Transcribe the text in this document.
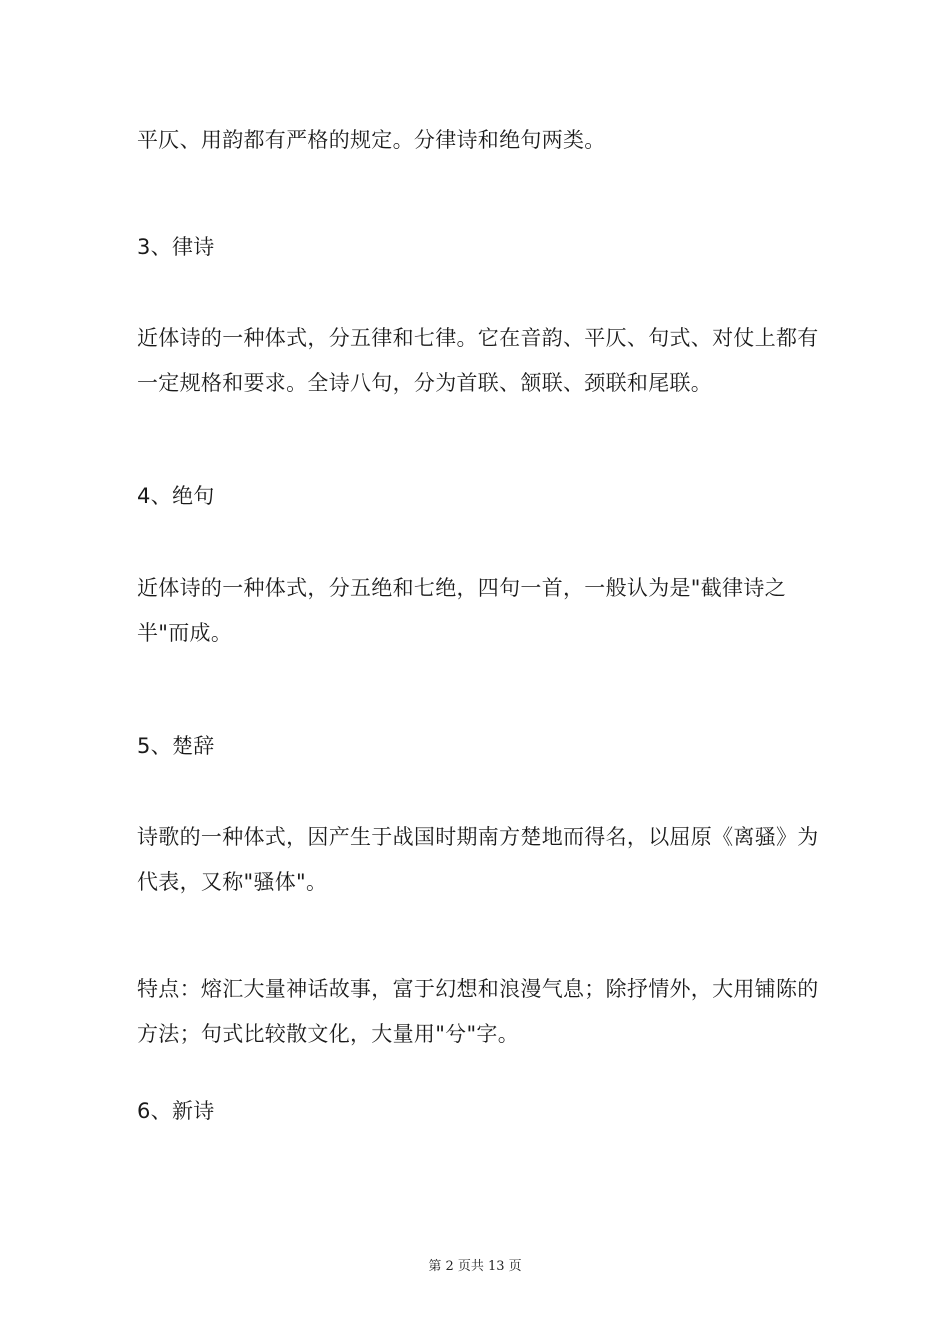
平仄、用韵都有严格的规定。分律诗和绝句两类。

3、律诗

近体诗的一种体式，分五律和七律。它在音韵、平仄、句式、对仗上都有一定规格和要求。全诗八句，分为首联、颔联、颈联和尾联。

4、绝句

近体诗的一种体式，分五绝和七绝，四句一首，一般认为是"截律诗之半"而成。

5、楚辞

诗歌的一种体式，因产生于战国时期南方楚地而得名，以屈原《离骚》为代表，又称"骚体"。

特点：熔汇大量神话故事，富于幻想和浪漫气息；除抒情外，大用铺陈的方法；句式比较散文化，大量用"兮"字。

6、新诗
第 2 页共 13 页
